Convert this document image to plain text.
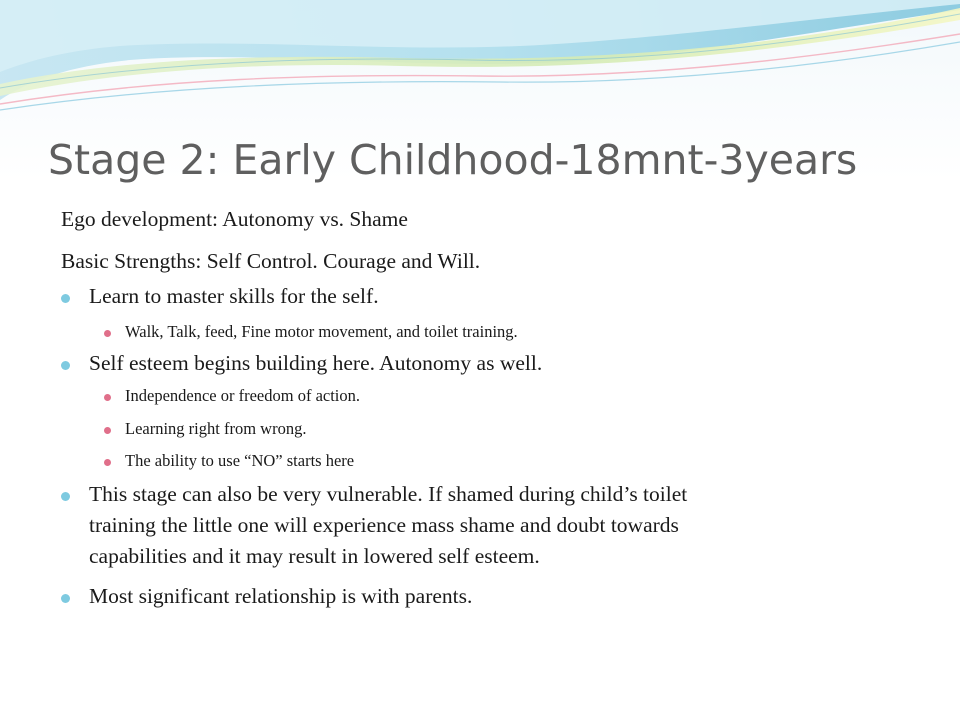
Stage 2: Early Childhood-18mnt-3years
Ego development: Autonomy vs. Shame
Basic Strengths: Self Control. Courage and Will.
Learn to master skills for the self.
Walk, Talk, feed, Fine motor movement, and toilet training.
Self esteem begins building here. Autonomy as well.
Independence or freedom of action.
Learning right from wrong.
The ability to use “NO” starts here
This stage can also be very vulnerable. If shamed during child’s toilet
training the little one will experience mass shame and doubt towards
capabilities and it may result in lowered self esteem.
Most significant relationship is with parents.
